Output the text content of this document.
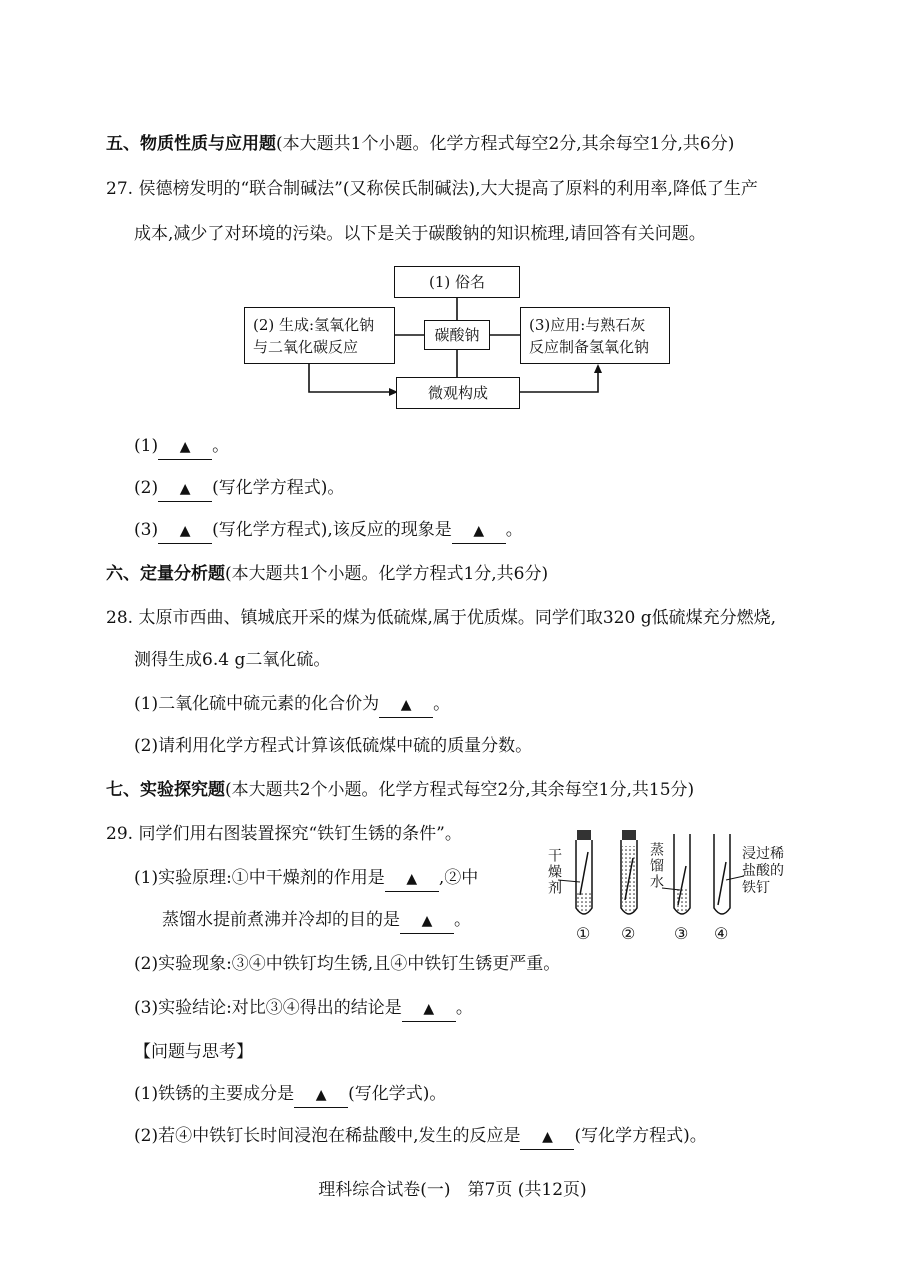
五、物质性质与应用题(本大题共1个小题。化学方程式每空2分,其余每空1分,共6分)
27. 侯德榜发明的“联合制碱法”(又称侯氏制碱法),大大提高了原料的利用率,降低了生产
成本,减少了对环境的污染。以下是关于碳酸钠的知识梳理,请回答有关问题。
(1) 俗名
(2) 生成:氢氧化钠
与二氧化碳反应
碳酸钠
(3)应用:与熟石灰
反应制备氢氧化钠
微观构成
(1) ▲ 。
(2) ▲ (写化学方程式)。
(3) ▲ (写化学方程式),该反应的现象是 ▲ 。
六、定量分析题(本大题共1个小题。化学方程式1分,共6分)
28. 太原市西曲、镇城底开采的煤为低硫煤,属于优质煤。同学们取320 g低硫煤充分燃烧,
测得生成6.4 g二氧化硫。
(1)二氧化硫中硫元素的化合价为 ▲ 。
(2)请利用化学方程式计算该低硫煤中硫的质量分数。
七、实验探究题(本大题共2个小题。化学方程式每空2分,其余每空1分,共15分)
29. 同学们用右图装置探究“铁钉生锈的条件”。
(1)实验原理:①中干燥剂的作用是 ▲ ,②中
蒸馏水提前煮沸并冷却的目的是 ▲ 。
(2)实验现象:③④中铁钉均生锈,且④中铁钉生锈更严重。
(3)实验结论:对比③④得出的结论是 ▲ 。
【问题与思考】
(1)铁锈的主要成分是 ▲ (写化学式)。
(2)若④中铁钉长时间浸泡在稀盐酸中,发生的反应是 ▲ (写化学方程式)。
干燥剂	蒸馏水	浸过稀
盐酸的
铁钉
① ② ③ ④
理科综合试卷(一)　第7页 (共12页)
